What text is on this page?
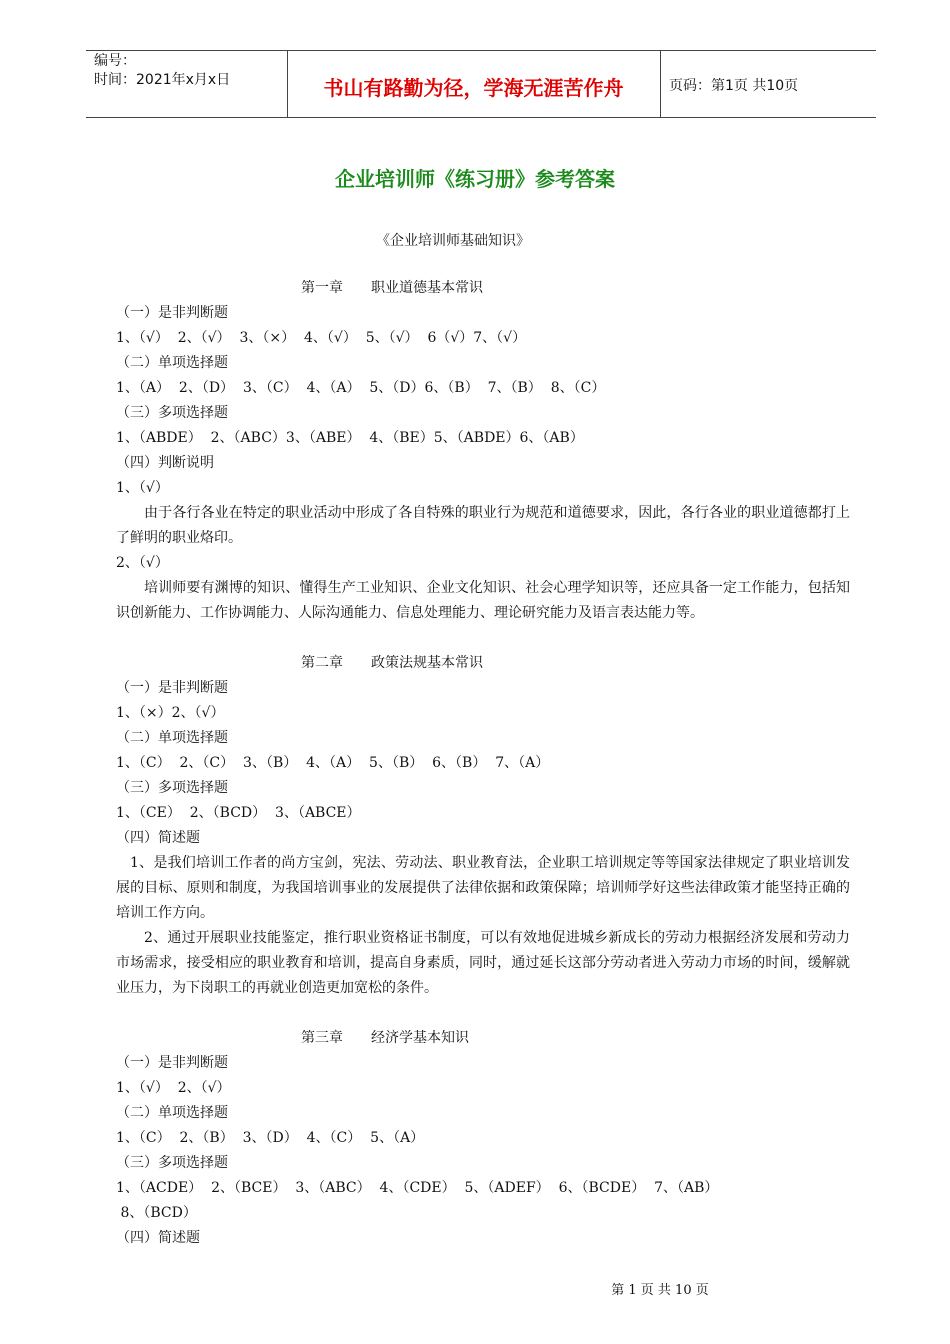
编号：
时间：2021年x月x日	书山有路勤为径，学海无涯苦作舟	页码：第1页 共10页
企业培训师《练习册》参考答案
《企业培训师基础知识》
第一章 职业道德基本常识
（一）是非判断题
1、（√）  2、（√）  3、（×）  4、（√）  5、（√）  6（√）7、（√）
（二）单项选择题
1、（A）  2、（D）  3、（C）  4、（A）  5、（D）6、（B）  7、（B）  8、（C）
（三）多项选择题
1、（ABDE）  2、（ABC）3、（ABE）  4、（BE）5、（ABDE）6、（AB）
（四）判断说明
1、（√）

由于各行各业在特定的职业活动中形成了各自特殊的职业行为规范和道德要求，因此，各行各业的职业道德都打上了鲜明的职业烙印。

2、（√）

培训师要有渊博的知识、懂得生产工业知识、企业文化知识、社会心理学知识等，还应具备一定工作能力，包括知识创新能力、工作协调能力、人际沟通能力、信息处理能力、理论研究能力及语言表达能力等。

第二章 政策法规基本常识
（一）是非判断题
1、（×）2、（√）
（二）单项选择题
1、（C）  2、（C）  3、（B）  4、（A）  5、（B）  6、（B）  7、（A）
（三）多项选择题
1、（CE）  2、（BCD）  3、（ABCE）
（四）简述题

1、是我们培训工作者的尚方宝剑，宪法、劳动法、职业教育法，企业职工培训规定等等国家法律规定了职业培训发展的目标、原则和制度，为我国培训事业的发展提供了法律依据和政策保障；培训师学好这些法律政策才能坚持正确的培训工作方向。

2、通过开展职业技能鉴定，推行职业资格证书制度，可以有效地促进城乡新成长的劳动力根据经济发展和劳动力市场需求，接受相应的职业教育和培训，提高自身素质，同时，通过延长这部分劳动者进入劳动力市场的时间，缓解就业压力，为下岗职工的再就业创造更加宽松的条件。

第三章 经济学基本知识
（一）是非判断题
1、（√）  2、（√）
（二）单项选择题
1、（C）  2、（B）  3、（D）  4、（C）  5、（A）
（三）多项选择题
1、（ACDE）  2、（BCE）  3、（ABC）  4、（CDE）  5、（ADEF）  6、（BCDE）  7、（AB）
8、（BCD）
（四）简述题
第 1 页 共 10 页
